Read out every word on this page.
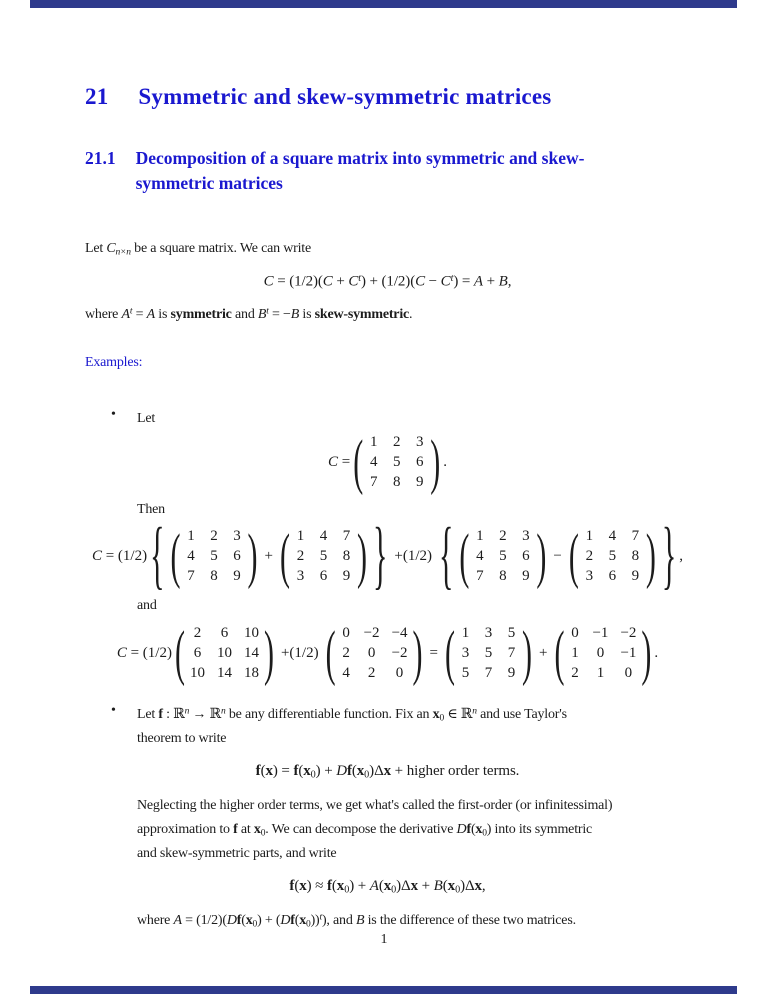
21 Symmetric and skew-symmetric matrices
21.1 Decomposition of a square matrix into symmetric and skew-
symmetric matrices
Let $C_{n\times n}$ be a square matrix. We can write
$C = (1/2)(C + C^t) + (1/2)(C - C^t) = A + B$,
where $A^t = A$ is symmetric and $B^t = -B$ is skew-symmetric.
Examples:
• Let
C = ( 1 2 3
4 5 6
7 8 9 ) .
Then
C = (1/2) { ( 1 2 3
4 5 6
7 8 9 ) + ( 1 4 7
2 5 8
3 6 9 ) } +(1/2) { ( 1 2 3
4 5 6
7 8 9 ) − ( 1 4 7
2 5 8
3 6 9 ) } ,
and
C = (1/2) ( 2 6 10
6 10 14
10 14 18 ) +(1/2) ( 0 −2 −4
2 0 −2
4 2 0 ) = ( 1 3 5
3 5 7
5 7 9 ) + ( 0 −1 −2
1 0 −1
2 1 0 ) .
• Let f : ℝ$^n$ → ℝ$^n$ be any differentiable function. Fix an $x_0$ ∈ ℝ$^n$ and use Taylor's
theorem to write
$f(x) = f(x_0) + Df(x_0)\Delta x$ + higher order terms.
Neglecting the higher order terms, we get what's called the first-order (or infinitessimal)
approximation to f at $x_0$. We can decompose the derivative $Df(x_0)$ into its symmetric
and skew-symmetric parts, and write
$f(x) \approx f(x_0) + A(x_0)\Delta x + B(x_0)\Delta x$,
where $A = (1/2)(Df(x_0) + (Df(x_0))^t)$, and B is the difference of these two matrices.
1
